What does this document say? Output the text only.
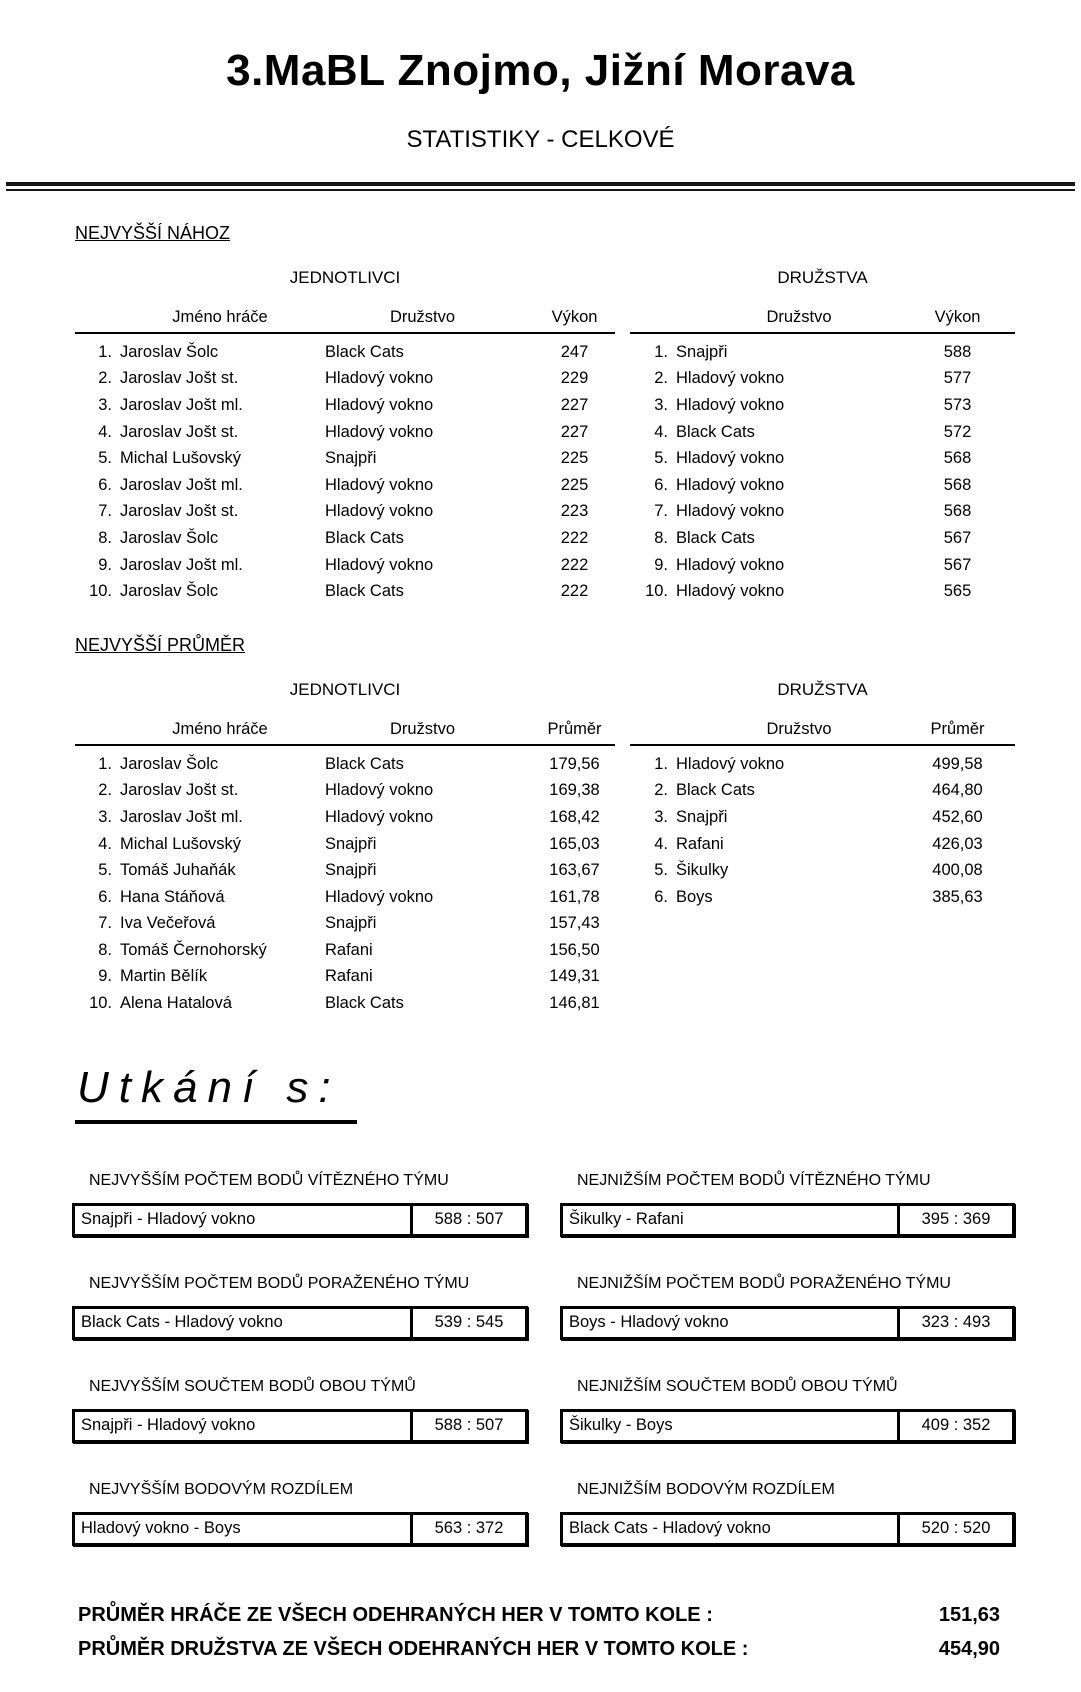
3.MaBL Znojmo, Jižní Morava
STATISTIKY - CELKOVÉ
NEJVYŠŠÍ NÁHOZ
JEDNOTLIVCI
Jméno hráče	Družstvo	Výkon
1. Jaroslav Šolc	Black Cats	247
2. Jaroslav Jošt st.	Hladový vokno	229
3. Jaroslav Jošt ml.	Hladový vokno	227
4. Jaroslav Jošt st.	Hladový vokno	227
5. Michal Lušovský	Snajpři	225
6. Jaroslav Jošt ml.	Hladový vokno	225
7. Jaroslav Jošt st.	Hladový vokno	223
8. Jaroslav Šolc	Black Cats	222
9. Jaroslav Jošt ml.	Hladový vokno	222
10. Jaroslav Šolc	Black Cats	222
DRUŽSTVA
Družstvo	Výkon
1. Snajpři	588
2. Hladový vokno	577
3. Hladový vokno	573
4. Black Cats	572
5. Hladový vokno	568
6. Hladový vokno	568
7. Hladový vokno	568
8. Black Cats	567
9. Hladový vokno	567
10. Hladový vokno	565
NEJVYŠŠÍ PRŮMĚR
JEDNOTLIVCI
Jméno hráče	Družstvo	Průměr
1. Jaroslav Šolc	Black Cats	179,56
2. Jaroslav Jošt st.	Hladový vokno	169,38
3. Jaroslav Jošt ml.	Hladový vokno	168,42
4. Michal Lušovský	Snajpři	165,03
5. Tomáš Juhaňák	Snajpři	163,67
6. Hana Stáňová	Hladový vokno	161,78
7. Iva Večeřová	Snajpři	157,43
8. Tomáš Černohorský	Rafani	156,50
9. Martin Bělík	Rafani	149,31
10. Alena Hatalová	Black Cats	146,81
DRUŽSTVA
Družstvo	Průměr
1. Hladový vokno	499,58
2. Black Cats	464,80
3. Snajpři	452,60
4. Rafani	426,03
5. Šikulky	400,08
6. Boys	385,63
Utkání s:
NEJVYŠŠÍM POČTEM BODŮ VÍTĚZNÉHO TÝMU
Snajpři - Hladový vokno	588 : 507
NEJNIŽŠÍM POČTEM BODŮ VÍTĚZNÉHO TÝMU
Šikulky - Rafani	395 : 369
NEJVYŠŠÍM POČTEM BODŮ PORAŽENÉHO TÝMU
Black Cats - Hladový vokno	539 : 545
NEJNIŽŠÍM POČTEM BODŮ PORAŽENÉHO TÝMU
Boys - Hladový vokno	323 : 493
NEJVYŠŠÍM SOUČTEM BODŮ OBOU TÝMŮ
Snajpři - Hladový vokno	588 : 507
NEJNIŽŠÍM SOUČTEM BODŮ OBOU TÝMŮ
Šikulky - Boys	409 : 352
NEJVYŠŠÍM BODOVÝM ROZDÍLEM
Hladový vokno - Boys	563 : 372
NEJNIŽŠÍM BODOVÝM ROZDÍLEM
Black Cats - Hladový vokno	520 : 520
PRŮMĚR HRÁČE ZE VŠECH ODEHRANÝCH HER V TOMTO KOLE :	151,63
PRŮMĚR DRUŽSTVA ZE VŠECH ODEHRANÝCH HER V TOMTO KOLE :	454,90
